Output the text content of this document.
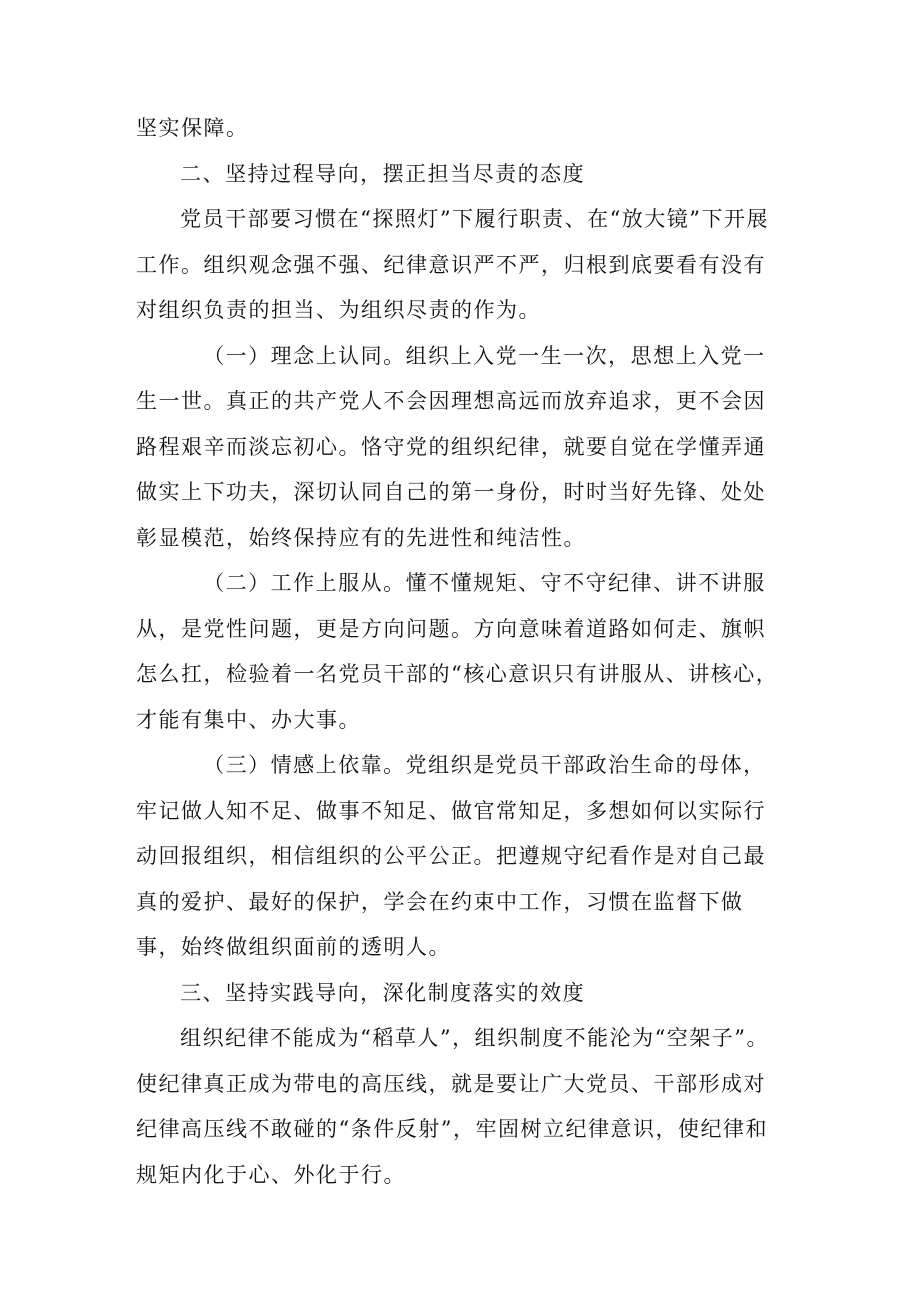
坚实保障。

二、坚持过程导向，摆正担当尽责的态度

党员干部要习惯在“探照灯”下履行职责、在“放大镜”下开展工作。组织观念强不强、纪律意识严不严，归根到底要看有没有对组织负责的担当、为组织尽责的作为。

（一）理念上认同。组织上入党一生一次，思想上入党一生一世。真正的共产党人不会因理想高远而放弃追求，更不会因路程艰辛而淡忘初心。恪守党的组织纪律，就要自觉在学懂弄通做实上下功夫，深切认同自己的第一身份，时时当好先锋、处处彰显模范，始终保持应有的先进性和纯洁性。

（二）工作上服从。懂不懂规矩、守不守纪律、讲不讲服从，是党性问题，更是方向问题。方向意味着道路如何走、旗帜怎么扛，检验着一名党员干部的“核心意识只有讲服从、讲核心，才能有集中、办大事。

（三）情感上依靠。党组织是党员干部政治生命的母体，牢记做人知不足、做事不知足、做官常知足，多想如何以实际行动回报组织，相信组织的公平公正。把遵规守纪看作是对自己最真的爱护、最好的保护，学会在约束中工作，习惯在监督下做事，始终做组织面前的透明人。

三、坚持实践导向，深化制度落实的效度

组织纪律不能成为“稻草人”，组织制度不能沦为“空架子”。使纪律真正成为带电的高压线，就是要让广大党员、干部形成对纪律高压线不敢碰的“条件反射”，牢固树立纪律意识，使纪律和规矩内化于心、外化于行。
